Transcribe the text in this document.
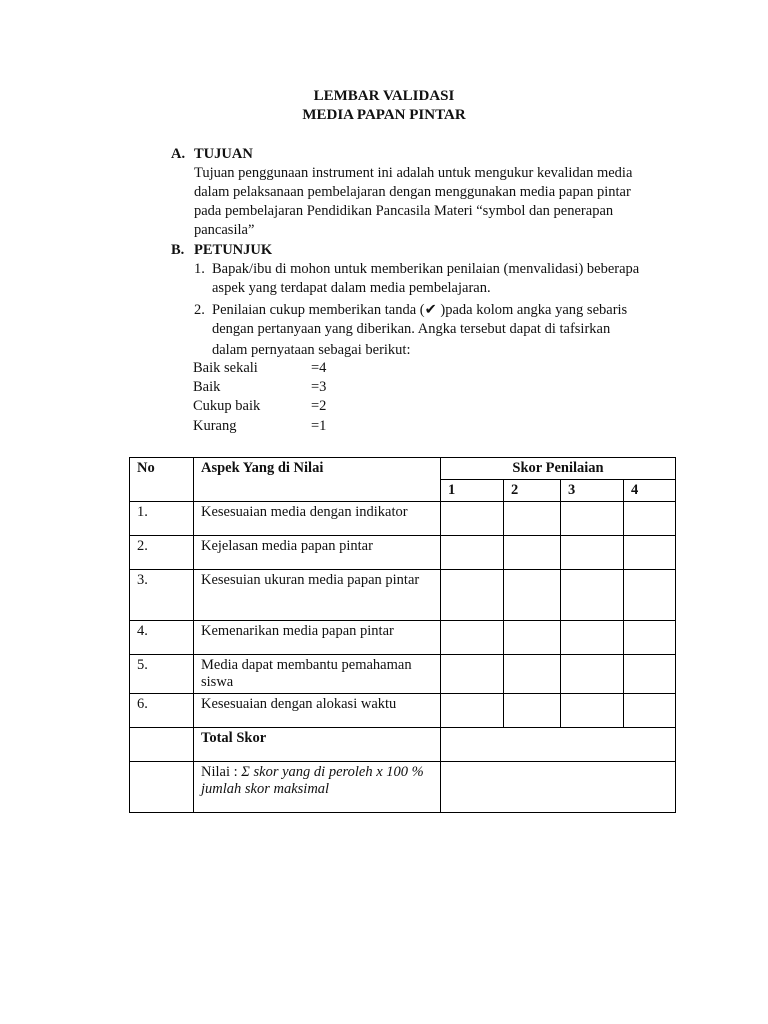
LEMBAR VALIDASI
MEDIA PAPAN PINTAR
A. TUJUAN
Tujuan penggunaan instrument ini adalah untuk mengukur kevalidan media
dalam pelaksanaan pembelajaran dengan menggunakan media papan pintar
pada pembelajaran Pendidikan Pancasila Materi “symbol dan penerapan
pancasila”
B. PETUNJUK
1. Bapak/ibu di mohon untuk memberikan penilaian (menvalidasi) beberapa
aspek yang terdapat dalam media pembelajaran.
2. Penilaian cukup memberikan tanda (✔ )pada kolom angka yang sebaris
dengan pertanyaan yang diberikan. Angka tersebut dapat di tafsirkan
dalam pernyataan sebagai berikut:
Baik sekali	=4
Baik	=3
Cukup baik	=2
Kurang	=1
No	Aspek Yang di Nilai	Skor Penilaian			
		1	2	3	4
1.	Kesesuaian media dengan indikator				
2.	Kejelasan media papan pintar				
3.	Kesesuian ukuran media papan pintar				
4.	Kemenarikan media papan pintar				
5.	Media dapat membantu pemahaman siswa				
6.	Kesesuaian dengan alokasi waktu				
	Total Skor				
	Nilai : Σ skor yang di peroleh x 100 % jumlah skor maksimal				
